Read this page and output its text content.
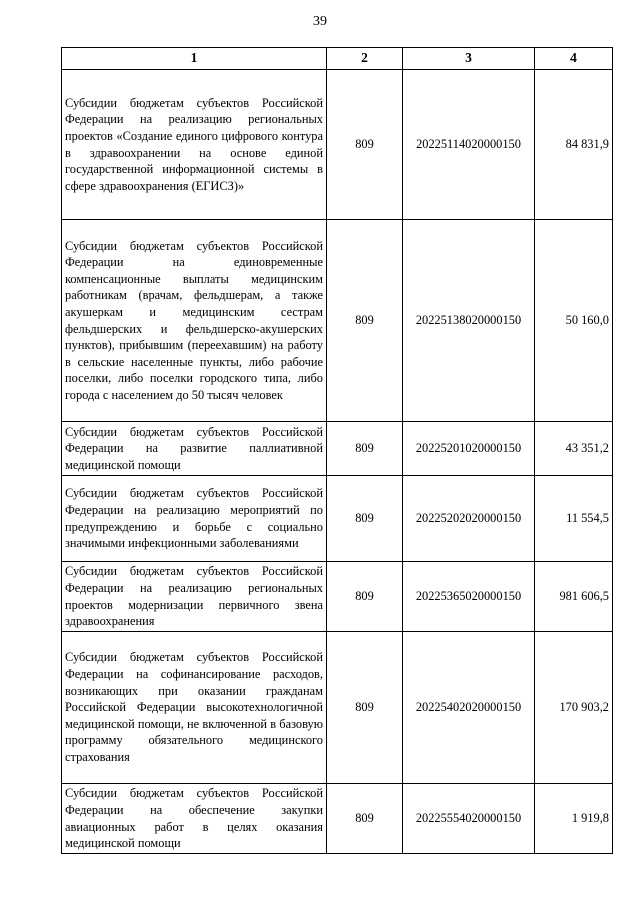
39
1	2	3	4
Субсидии бюджетам субъектов Российской Федерации на реализацию региональных проектов «Создание единого цифрового контура в здравоохранении на основе единой государственной информационной системы в сфере здравоохранения (ЕГИСЗ)»	809	20225114020000150	84 831,9
Субсидии бюджетам субъектов Российской Федерации на единовременные компенсационные выплаты медицинским работникам (врачам, фельдшерам, а также акушеркам и медицинским сестрам фельдшерских и фельдшерско-акушерских пунктов), прибывшим (переехавшим) на работу в сельские населенные пункты, либо рабочие поселки, либо поселки городского типа, либо города с населением до 50 тысяч человек	809	20225138020000150	50 160,0
Субсидии бюджетам субъектов Российской Федерации на развитие паллиативной медицинской помощи	809	20225201020000150	43 351,2
Субсидии бюджетам субъектов Российской Федерации на реализацию мероприятий по предупреждению и борьбе с социально значимыми инфекционными заболеваниями	809	20225202020000150	11 554,5
Субсидии бюджетам субъектов Российской Федерации на реализацию региональных проектов модернизации первичного звена здравоохранения	809	20225365020000150	981 606,5
Субсидии бюджетам субъектов Российской Федерации на софинансирование расходов, возникающих при оказании гражданам Российской Федерации высокотехнологичной медицинской помощи, не включенной в базовую программу обязательного медицинского страхования	809	20225402020000150	170 903,2
Субсидии бюджетам субъектов Российской Федерации на обеспечение закупки авиационных работ в целях оказания медицинской помощи	809	20225554020000150	1 919,8
